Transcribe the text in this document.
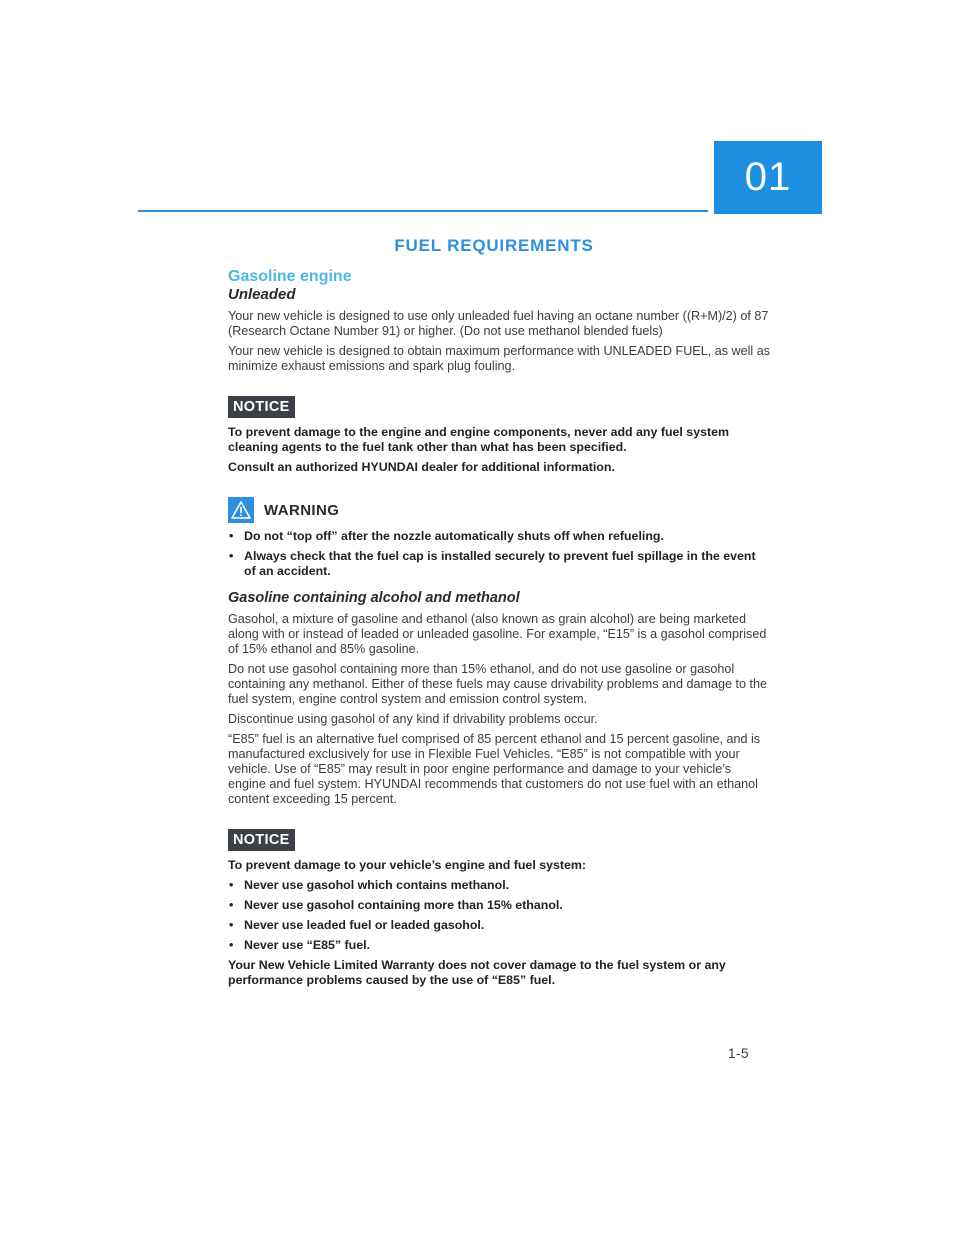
01
FUEL REQUIREMENTS
Gasoline engine
Unleaded

Your new vehicle is designed to use only unleaded fuel having an octane number ((R+M)/2) of 87 (Research Octane Number 91) or higher. (Do not use methanol blended fuels)

Your new vehicle is designed to obtain maximum performance with UNLEADED FUEL, as well as minimize exhaust emissions and spark plug fouling.

NOTICE
To prevent damage to the engine and engine components, never add any fuel system cleaning agents to the fuel tank other than what has been specified.
Consult an authorized HYUNDAI dealer for additional information.
WARNING
• Do not “top off” after the nozzle automatically shuts off when refueling.
• Always check that the fuel cap is installed securely to prevent fuel spillage in the event of an accident.
Gasoline containing alcohol and methanol

Gasohol, a mixture of gasoline and ethanol (also known as grain alcohol) are being marketed along with or instead of leaded or unleaded gasoline. For example, “E15” is a gasohol comprised of 15% ethanol and 85% gasoline.

Do not use gasohol containing more than 15% ethanol, and do not use gasoline or gasohol containing any methanol. Either of these fuels may cause drivability problems and damage to the fuel system, engine control system and emission control system.

Discontinue using gasohol of any kind if drivability problems occur.

“E85” fuel is an alternative fuel comprised of 85 percent ethanol and 15 percent gasoline, and is manufactured exclusively for use in Flexible Fuel Vehicles. “E85” is not compatible with your vehicle. Use of “E85” may result in poor engine performance and damage to your vehicle’s engine and fuel system. HYUNDAI recommends that customers do not use fuel with an ethanol content exceeding 15 percent.

NOTICE
To prevent damage to your vehicle’s engine and fuel system:
• Never use gasohol which contains methanol.
• Never use gasohol containing more than 15% ethanol.
• Never use leaded fuel or leaded gasohol.
• Never use “E85” fuel.
Your New Vehicle Limited Warranty does not cover damage to the fuel system or any performance problems caused by the use of “E85” fuel.
1-5
